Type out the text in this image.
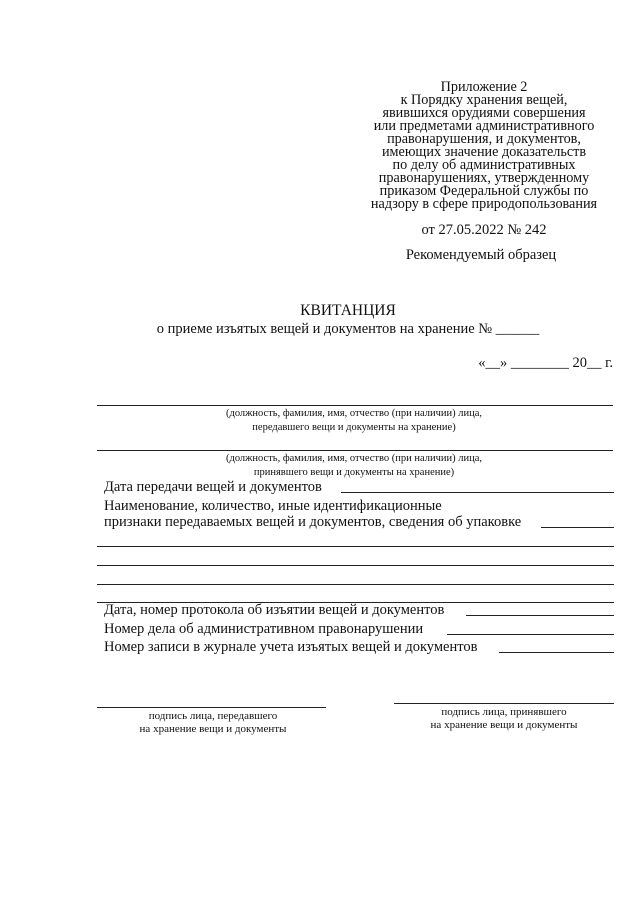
Приложение 2
к Порядку хранения вещей,
явившихся орудиями совершения
или предметами административного
правонарушения, и документов,
имеющих значение доказательств
по делу об административных
правонарушениях, утвержденному
приказом Федеральной службы по
надзору в сфере природопользования
от 27.05.2022 № 242
Рекомендуемый образец
КВИТАНЦИЯ
о приеме изъятых вещей и документов на хранение № ______
«__» ________ 20__ г.
(должность, фамилия, имя, отчество (при наличии) лица,
передавшего вещи и документы на хранение)
(должность, фамилия, имя, отчество (при наличии) лица,
принявшего вещи и документы на хранение)
Дата передачи вещей и документов
Наименование, количество, иные идентификационные
признаки передаваемых вещей и документов, сведения об упаковке
Дата, номер протокола об изъятии вещей и документов
Номер дела об административном правонарушении
Номер записи в журнале учета изъятых вещей и документов
подпись лица, передавшего
на хранение вещи и документы
подпись лица, принявшего
на хранение вещи и документы
